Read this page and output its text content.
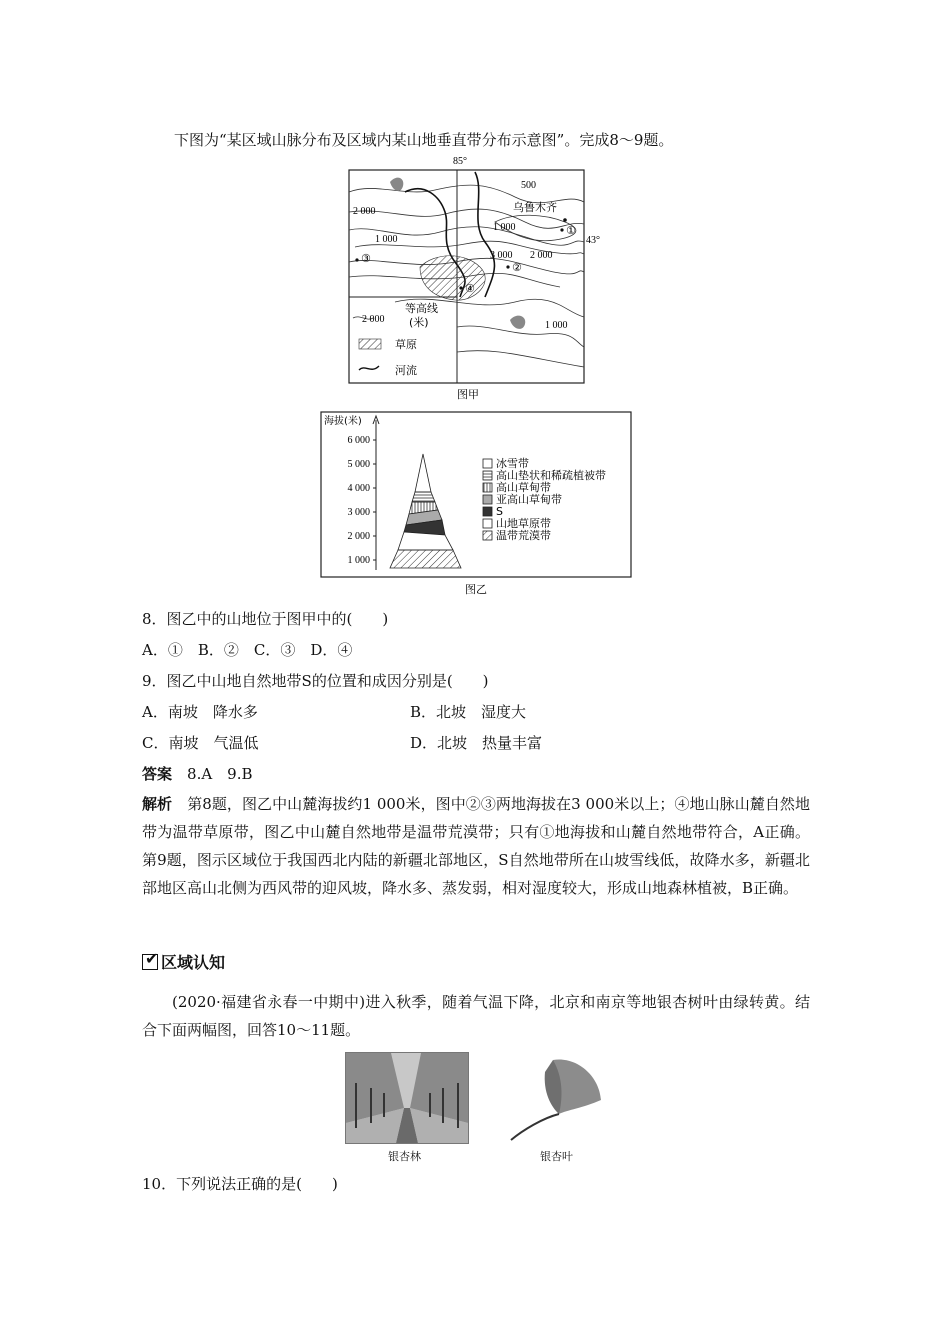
下图为“某区域山脉分布及区域内某山地垂直带分布示意图”。完成8～9题。
85°
500
2 000
1 000
1 000
3 000 2 000
1 000
乌鲁木齐
43°
①
②
③
④
2 000
等高线
(米)
草原
河流
图甲
海拔(米)
6 000
5 000
4 000
3 000
2 000
1 000
冰雪带
高山垫状和稀疏植被带
高山草甸带
亚高山草甸带
S
山地草原带
温带荒漠带
图乙
8．图乙中的山地位于图甲中的(　　)
A．①　B．②　C．③　D．④
9．图乙中山地自然地带S的位置和成因分别是(　　)
A．南坡　降水多	B．北坡　湿度大
C．南坡　气温低	D．北坡　热量丰富
答案　 8.A　9.B
解析　 第8题，图乙中山麓海拔约1 000米，图中②③两地海拔在3 000米以上；④地山脉山麓自然地带为温带草原带，图乙中山麓自然地带是温带荒漠带；只有①地海拔和山麓自然地带符合，A正确。第9题，图示区域位于我国西北内陆的新疆北部地区，S自然地带所在山坡雪线低，故降水多，新疆北部地区高山北侧为西风带的迎风坡，降水多、蒸发弱，相对湿度较大，形成山地森林植被，B正确。
✔ 区域认知
(2020·福建省永春一中期中)进入秋季，随着气温下降，北京和南京等地银杏树叶由绿转黄。结合下面两幅图，回答10～11题。
银杏林	银杏叶
10．下列说法正确的是(　　)
